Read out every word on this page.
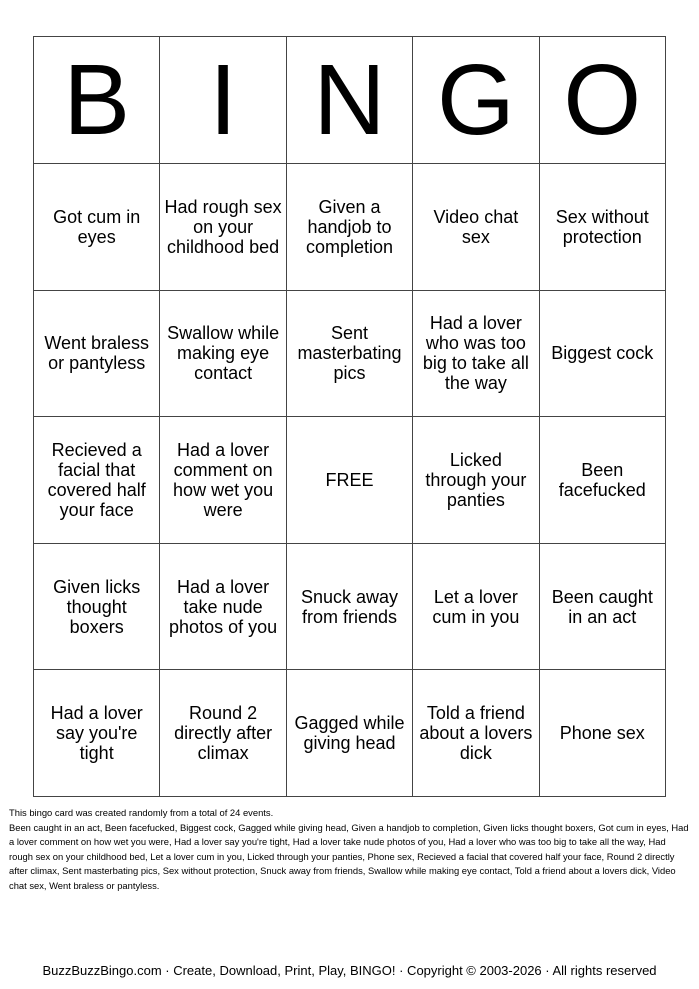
B	I	N	G	O
Got cum in eyes	Had rough sex on your childhood bed	Given a handjob to completion	Video chat sex	Sex without protection
Went braless or pantyless	Swallow while making eye contact	Sent masterbating pics	Had a lover who was too big to take all the way	Biggest cock
Recieved a facial that covered half your face	Had a lover comment on how wet you were	FREE	Licked through your panties	Been facefucked
Given licks thought boxers	Had a lover take nude photos of you	Snuck away from friends	Let a lover cum in you	Been caught in an act
Had a lover say you're tight	Round 2 directly after climax	Gagged while giving head	Told a friend about a lovers dick	Phone sex

This bingo card was created randomly from a total of 24 events.

Been caught in an act, Been facefucked, Biggest cock, Gagged while giving head, Given a handjob to completion, Given licks thought boxers, Got cum in eyes, Had a lover comment on how wet you were, Had a lover say you're tight, Had a lover take nude photos of you, Had a lover who was too big to take all the way, Had rough sex on your childhood bed, Let a lover cum in you, Licked through your panties, Phone sex, Recieved a facial that covered half your face, Round 2 directly after climax, Sent masterbating pics, Sex without protection, Snuck away from friends, Swallow while making eye contact, Told a friend about a lovers dick, Video chat sex, Went braless or pantyless.

BuzzBuzzBingo.com · Create, Download, Print, Play, BINGO! · Copyright © 2003-2026 · All rights reserved
